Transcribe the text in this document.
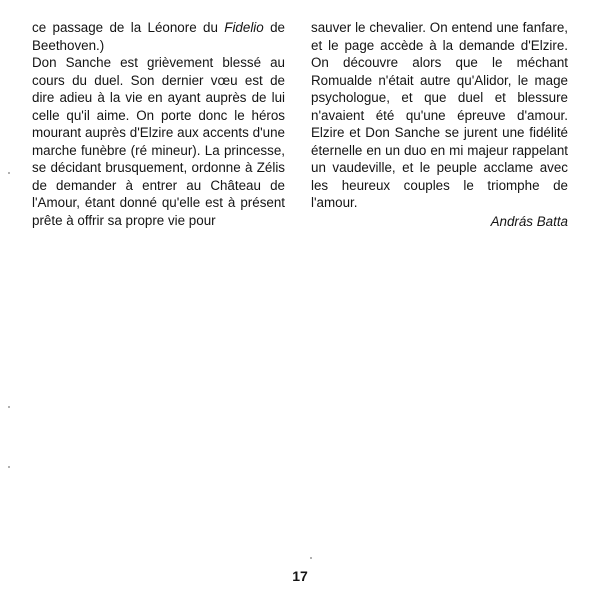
ce passage de la Léonore du Fidelio de Beethoven.)

Don Sanche est grièvement blessé au cours du duel. Son dernier vœu est de dire adieu à la vie en ayant auprès de lui celle qu'il aime. On porte donc le héros mourant auprès d'Elzire aux accents d'une marche funèbre (ré mineur). La princesse, se décidant brusquement, ordonne à Zélis de demander à entrer au Château de l'Amour, étant donné qu'elle est à présent prête à offrir sa propre vie pour

sauver le chevalier. On entend une fanfare, et le page accède à la demande d'Elzire. On découvre alors que le méchant Romualde n'était autre qu'Alidor, le mage psychologue, et que duel et blessure n'avaient été qu'une épreuve d'amour. Elzire et Don Sanche se jurent une fidélité éternelle en un duo en mi majeur rappelant un vaudeville, et le peuple acclame avec les heureux couples le triomphe de l'amour.

András Batta
17
